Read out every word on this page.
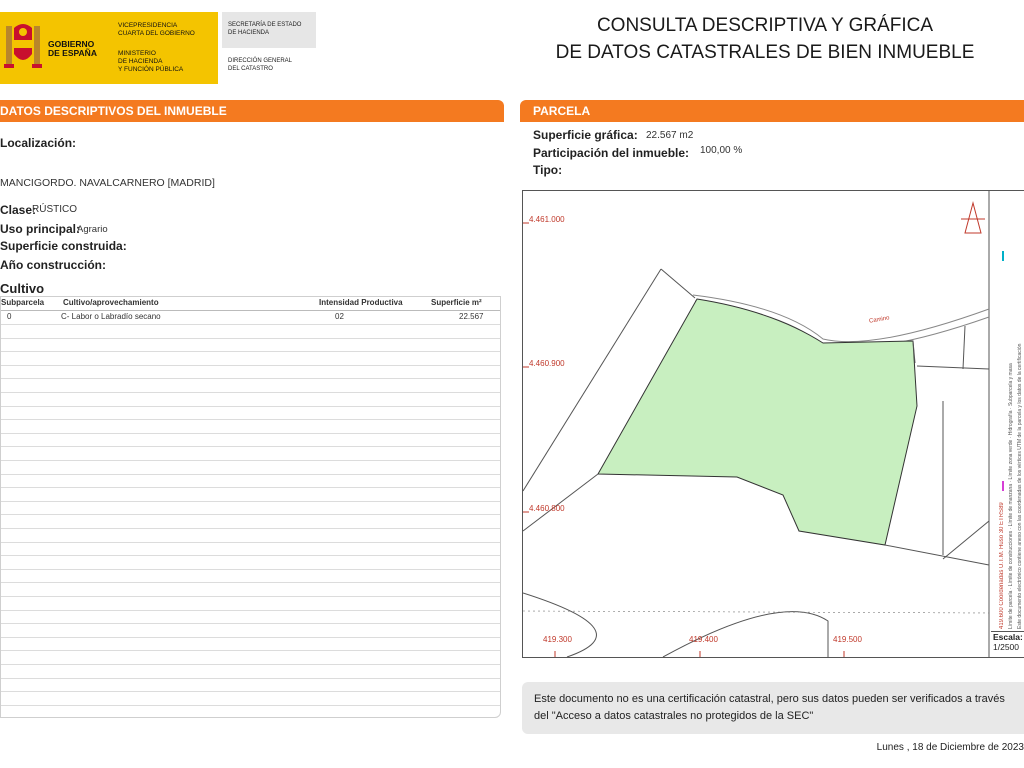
GOBIERNO
DE ESPAÑA
VICEPRESIDENCIA
CUARTA DEL GOBIERNO
MINISTERIO
DE HACIENDA
Y FUNCIÓN PÚBLICA
SECRETARÍA DE ESTADO
DE HACIENDA
DIRECCIÓN GENERAL
DEL CATASTRO
CONSULTA DESCRIPTIVA Y GRÁFICA
DE DATOS CATASTRALES DE BIEN INMUEBLE
DATOS DESCRIPTIVOS DEL INMUEBLE
Localización:
MANCIGORDO. NAVALCARNERO [MADRID]
Clase:
RÚSTICO
Uso principal:
Agrario
Superficie construida:
Año construcción:
Cultivo
Subparcela Cultivo/aprovechamiento	Intensidad Productiva	Superficie m²
0	C- Labor o Labradío secano	02	22.567
PARCELA
Superficie gráfica: 22.567 m2
Participación del inmueble: 100,00 %
Tipo:
4.461.000
4.460.900
4.460.800
419.300	419.400	419.500
Camino
419.600 Coordenadas U.T.M. Huso 30 ETRS89 Límite de parcela · Límite de construcciones · Límite de manzana · Límite zona verde · Hidrografía · Subparcela y masa Este documento electrónico contiene anexo con las coordenadas de los vértices UTM de la parcela y los datos de la certificación
Escala:
1/2500
Este documento no es una certificación catastral, pero sus datos pueden ser verificados a través del "Acceso a datos catastrales no protegidos de la SEC"
Lunes , 18 de Diciembre de 2023
